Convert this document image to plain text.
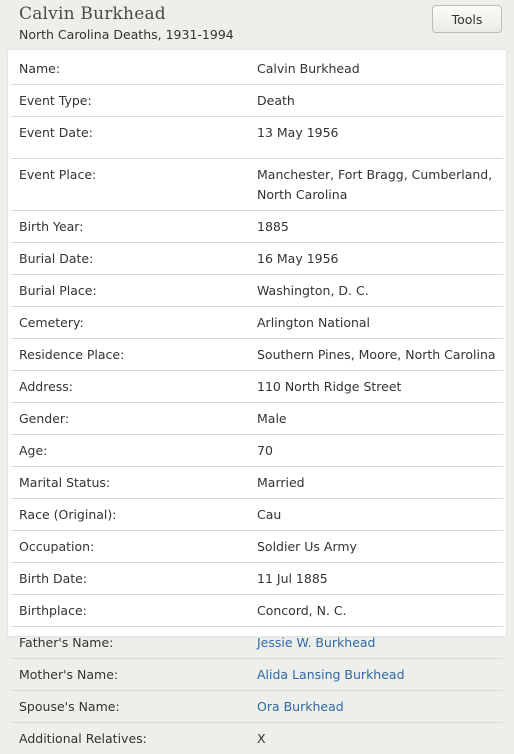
Calvin Burkhead
North Carolina Deaths, 1931-1994
Tools
Name:	Calvin Burkhead
Event Type:	Death
Event Date:	13 May 1956
Event Place:	Manchester, Fort Bragg, Cumberland, North Carolina
Birth Year:	1885
Burial Date:	16 May 1956
Burial Place:	Washington, D. C.
Cemetery:	Arlington National
Residence Place:	Southern Pines, Moore, North Carolina
Address:	110 North Ridge Street
Gender:	Male
Age:	70
Marital Status:	Married
Race (Original):	Cau
Occupation:	Soldier Us Army
Birth Date:	11 Jul 1885
Birthplace:	Concord, N. C.
Father's Name:	Jessie W. Burkhead
Mother's Name:	Alida Lansing Burkhead
Spouse's Name:	Ora Burkhead
Additional Relatives:	X
